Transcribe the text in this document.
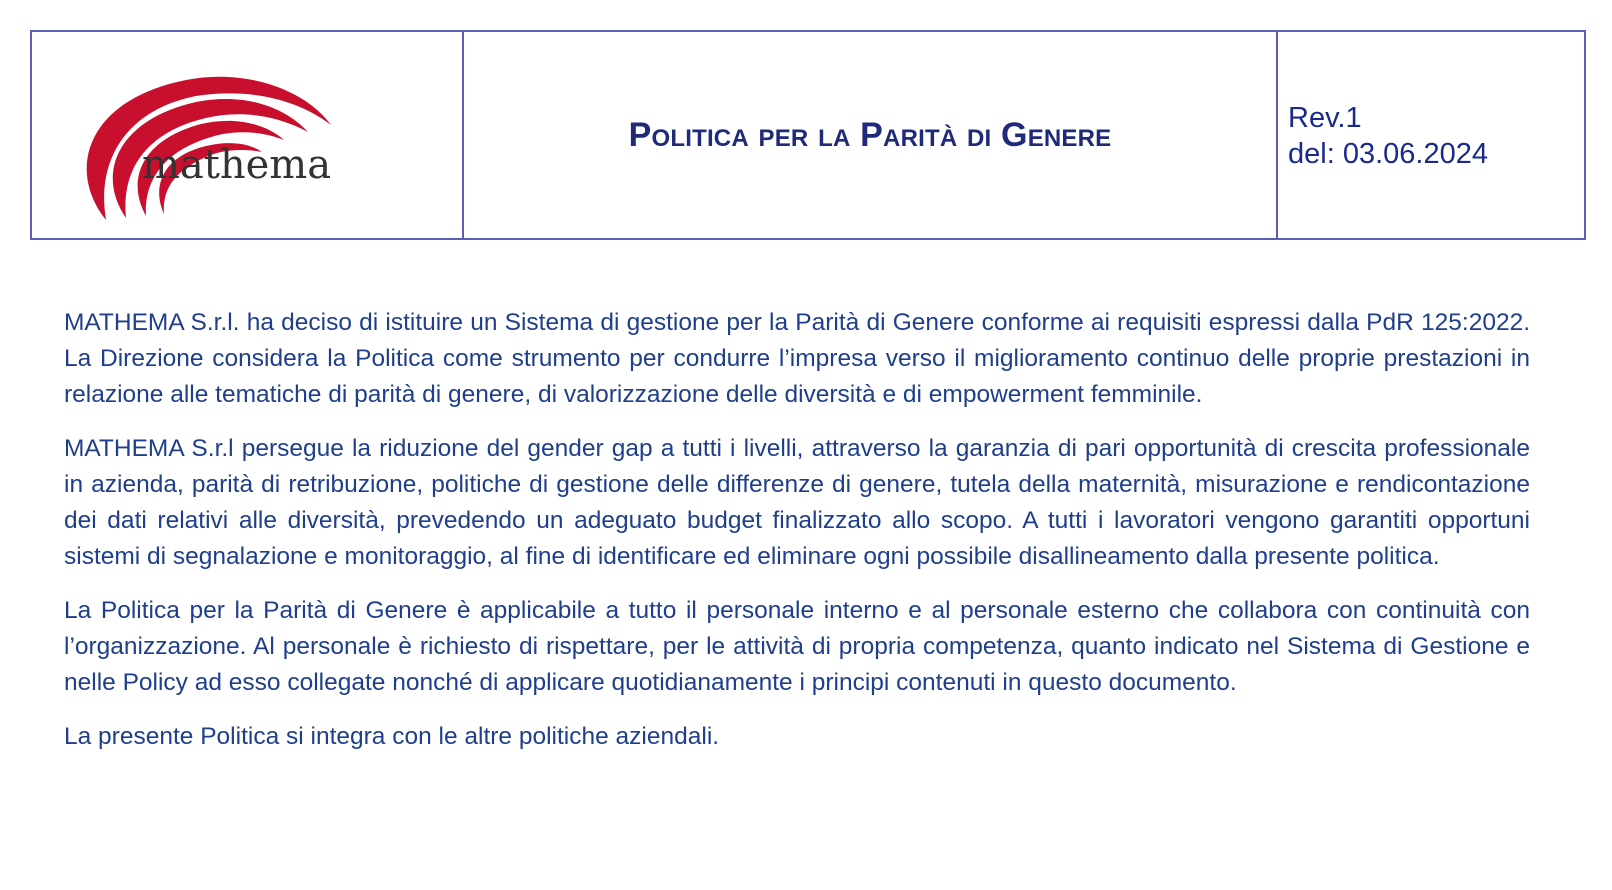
mathema
Politica per la Parità di Genere	Rev.1
del: 03.06.2024

MATHEMA S.r.l. ha deciso di istituire un Sistema di gestione per la Parità di Genere conforme ai requisiti espressi dalla PdR 125:2022. La Direzione considera la Politica come strumento per condurre l’impresa verso il miglioramento continuo delle proprie prestazioni in relazione alle tematiche di parità di genere, di valorizzazione delle diversità e di empowerment femminile.

MATHEMA S.r.l persegue la riduzione del gender gap a tutti i livelli, attraverso la garanzia di pari opportunità di crescita professionale in azienda, parità di retribuzione, politiche di gestione delle differenze di genere, tutela della maternità, misurazione e rendicontazione dei dati relativi alle diversità, prevedendo un adeguato budget finalizzato allo scopo. A tutti i lavoratori vengono garantiti opportuni sistemi di segnalazione e monitoraggio, al fine di identificare ed eliminare ogni possibile disallineamento dalla presente politica.

La Politica per la Parità di Genere è applicabile a tutto il personale interno e al personale esterno che collabora con continuità con l’organizzazione. Al personale è richiesto di rispettare, per le attività di propria competenza, quanto indicato nel Sistema di Gestione e nelle Policy ad esso collegate nonché di applicare quotidianamente i principi contenuti in questo documento.

La presente Politica si integra con le altre politiche aziendali.
